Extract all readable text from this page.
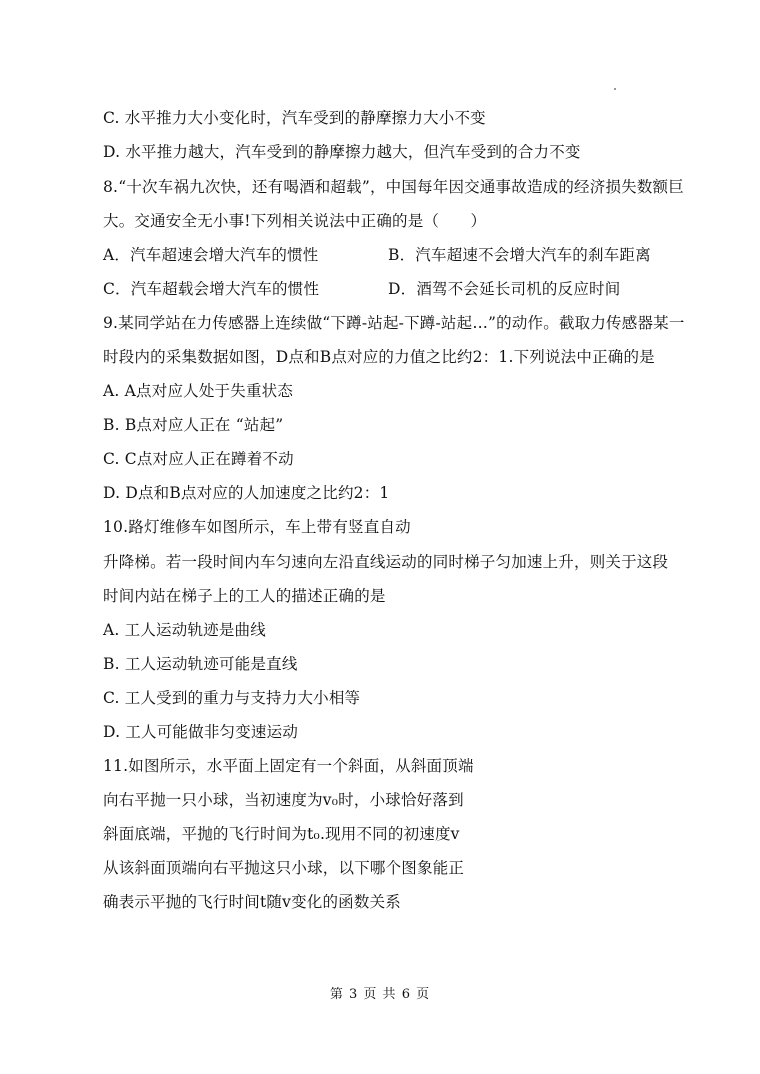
C. 水平推力大小变化时，汽车受到的静摩擦力大小不变
D. 水平推力越大，汽车受到的静摩擦力越大，但汽车受到的合力不变
8.“十次车祸九次快，还有喝酒和超载”，中国每年因交通事故造成的经济损失数额巨
大。交通安全无小事!下列相关说法中正确的是（　　）
A．汽车超速会增大汽车的惯性	B．汽车超速不会增大汽车的刹车距离
C．汽车超载会增大汽车的惯性	D．酒驾不会延长司机的反应时间
9.某同学站在力传感器上连续做“下蹲-站起-下蹲-站起…”的动作。截取力传感器某一
时段内的采集数据如图，D点和B点对应的力值之比约2：1.下列说法中正确的是
A. A点对应人处于失重状态
B. B点对应人正在 “站起”
C. C点对应人正在蹲着不动
D. D点和B点对应的人加速度之比约2：1
10.路灯维修车如图所示，车上带有竖直自动
升降梯。若一段时间内车匀速向左沿直线运动的同时梯子匀加速上升，则关于这段
时间内站在梯子上的工人的描述正确的是
A. 工人运动轨迹是曲线
B. 工人运动轨迹可能是直线
C. 工人受到的重力与支持力大小相等
D. 工人可能做非匀变速运动
11.如图所示，水平面上固定有一个斜面，从斜面顶端
向右平抛一只小球，当初速度为v₀时，小球恰好落到
斜面底端，平抛的飞行时间为t₀.现用不同的初速度v
从该斜面顶端向右平抛这只小球，以下哪个图象能正
确表示平抛的飞行时间t随v变化的函数关系
第 3 页 共 6 页
